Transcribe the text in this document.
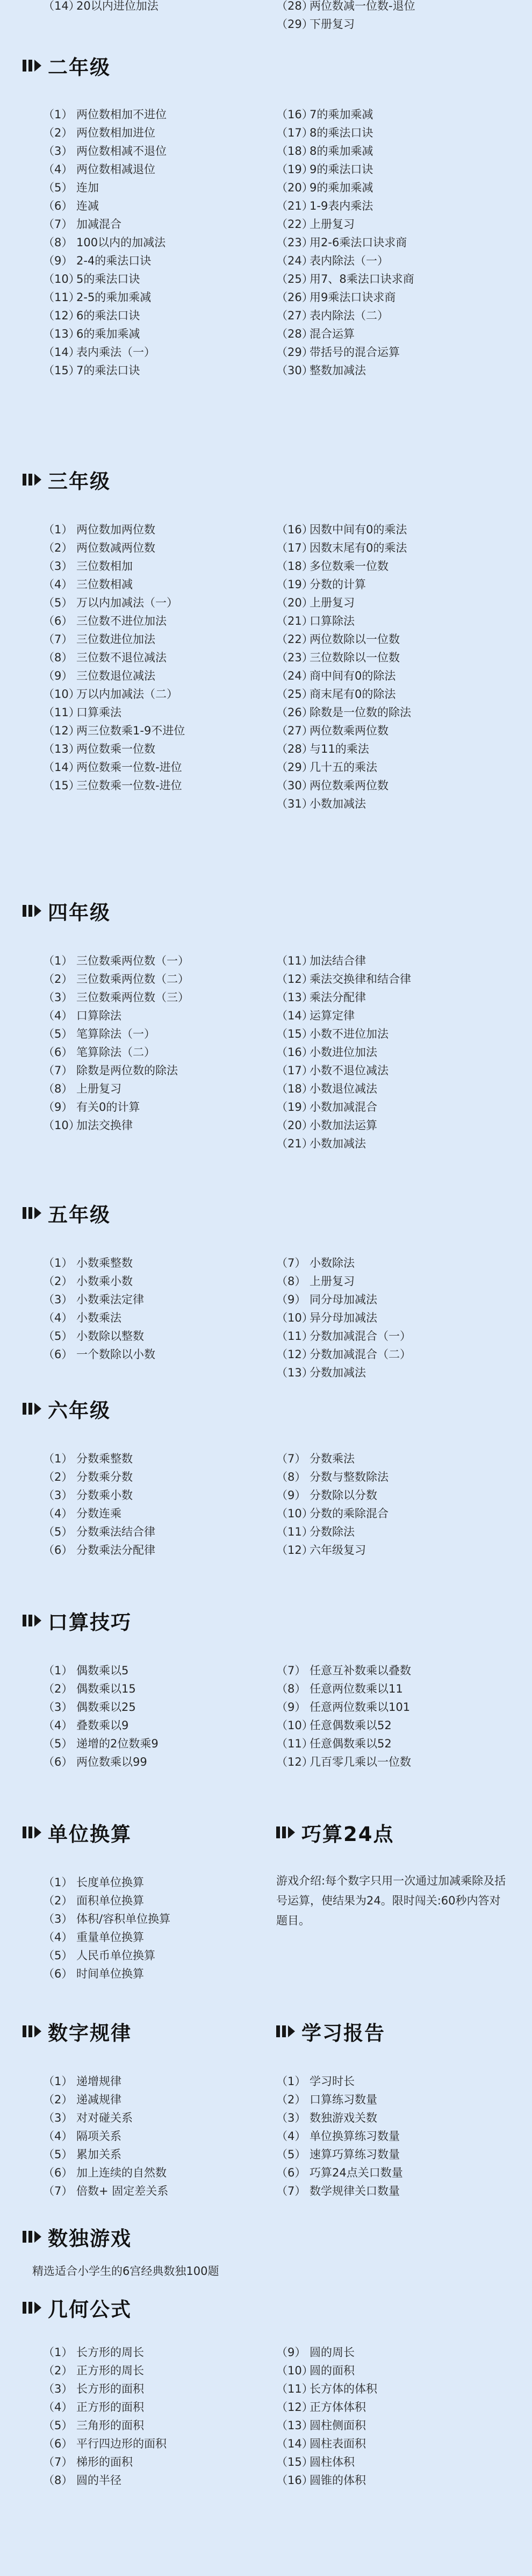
（14）20以内进位加法	（28）两位数减一位数-退位
（29）下册复习
二年级
（1） 两位数相加不进位
（2） 两位数相加进位
（3） 两位数相减不退位
（4） 两位数相减退位
（5） 连加
（6） 连减
（7） 加减混合
（8） 100以内的加减法
（9） 2-4的乘法口诀
（10）5的乘法口诀
（11）2-5的乘加乘减
（12）6的乘法口诀
（13）6的乘加乘减
（14）表内乘法（一）
（15）7的乘法口诀
（16）7的乘加乘减
（17）8的乘法口诀
（18）8的乘加乘减
（19）9的乘法口诀
（20）9的乘加乘减
（21）1-9表内乘法
（22）上册复习
（23）用2-6乘法口诀求商
（24）表内除法（一）
（25）用7、8乘法口诀求商
（26）用9乘法口诀求商
（27）表内除法（二）
（28）混合运算
（29）带括号的混合运算
（30）整数加减法
三年级
（1） 两位数加两位数
（2） 两位数减两位数
（3） 三位数相加
（4） 三位数相减
（5） 万以内加减法（一）
（6） 三位数不进位加法
（7） 三位数进位加法
（8） 三位数不退位减法
（9） 三位数退位减法
（10）万以内加减法（二）
（11）口算乘法
（12）两三位数乘1-9不进位
（13）两位数乘一位数
（14）两位数乘一位数-进位
（15）三位数乘一位数-进位
（16）因数中间有0的乘法
（17）因数末尾有0的乘法
（18）多位数乘一位数
（19）分数的计算
（20）上册复习
（21）口算除法
（22）两位数除以一位数
（23）三位数除以一位数
（24）商中间有0的除法
（25）商末尾有0的除法
（26）除数是一位数的除法
（27）两位数乘两位数
（28）与11的乘法
（29）几十五的乘法
（30）两位数乘两位数
（31）小数加减法
四年级
（1） 三位数乘两位数（一）
（2） 三位数乘两位数（二）
（3） 三位数乘两位数（三）
（4） 口算除法
（5） 笔算除法（一）
（6） 笔算除法（二）
（7） 除数是两位数的除法
（8） 上册复习
（9） 有关0的计算
（10）加法交换律
（11）加法结合律
（12）乘法交换律和结合律
（13）乘法分配律
（14）运算定律
（15）小数不进位加法
（16）小数进位加法
（17）小数不退位减法
（18）小数退位减法
（19）小数加减混合
（20）小数加法运算
（21）小数加减法
五年级
（1） 小数乘整数
（2） 小数乘小数
（3） 小数乘法定律
（4） 小数乘法
（5） 小数除以整数
（6） 一个数除以小数
（7） 小数除法
（8） 上册复习
（9） 同分母加减法
（10）异分母加减法
（11）分数加减混合（一）
（12）分数加减混合（二）
（13）分数加减法
六年级
（1） 分数乘整数
（2） 分数乘分数
（3） 分数乘小数
（4） 分数连乘
（5） 分数乘法结合律
（6） 分数乘法分配律
（7） 分数乘法
（8） 分数与整数除法
（9） 分数除以分数
（10）分数的乘除混合
（11）分数除法
（12）六年级复习
口算技巧
（1） 偶数乘以5
（2） 偶数乘以15
（3） 偶数乘以25
（4） 叠数乘以9
（5） 递增的2位数乘9
（6） 两位数乘以99
（7） 任意互补数乘以叠数
（8） 任意两位数乘以11
（9） 任意两位数乘以101
（10）任意偶数乘以52
（11）任意偶数乘以52
（12）几百零几乘以一位数
单位换算
（1） 长度单位换算
（2） 面积单位换算
（3） 体积/容积单位换算
（4） 重量单位换算
（5） 人民币单位换算
（6） 时间单位换算
巧算24点
游戏介绍:每个数字只用一次通过加减乘除及括号运算，使结果为24。限时闯关:60秒内答对题目。
数字规律
（1） 递增规律
（2） 递减规律
（3） 对对碰关系
（4） 隔项关系
（5） 累加关系
（6） 加上连续的自然数
（7） 倍数+ 固定差关系
学习报告
（1） 学习时长
（2） 口算练习数量
（3） 数独游戏关数
（4） 单位换算练习数量
（5） 速算巧算练习数量
（6） 巧算24点关口数量
（7） 数学规律关口数量
数独游戏
精选适合小学生的6宫经典数独100题
几何公式
（1） 长方形的周长
（2） 正方形的周长
（3） 长方形的面积
（4） 正方形的面积
（5） 三角形的面积
（6） 平行四边形的面积
（7） 梯形的面积
（8） 圆的半径
（9） 圆的周长
（10）圆的面积
（11）长方体的体积
（12）正方体体积
（13）圆柱侧面积
（14）圆柱表面积
（15）圆柱体积
（16）圆锥的体积
